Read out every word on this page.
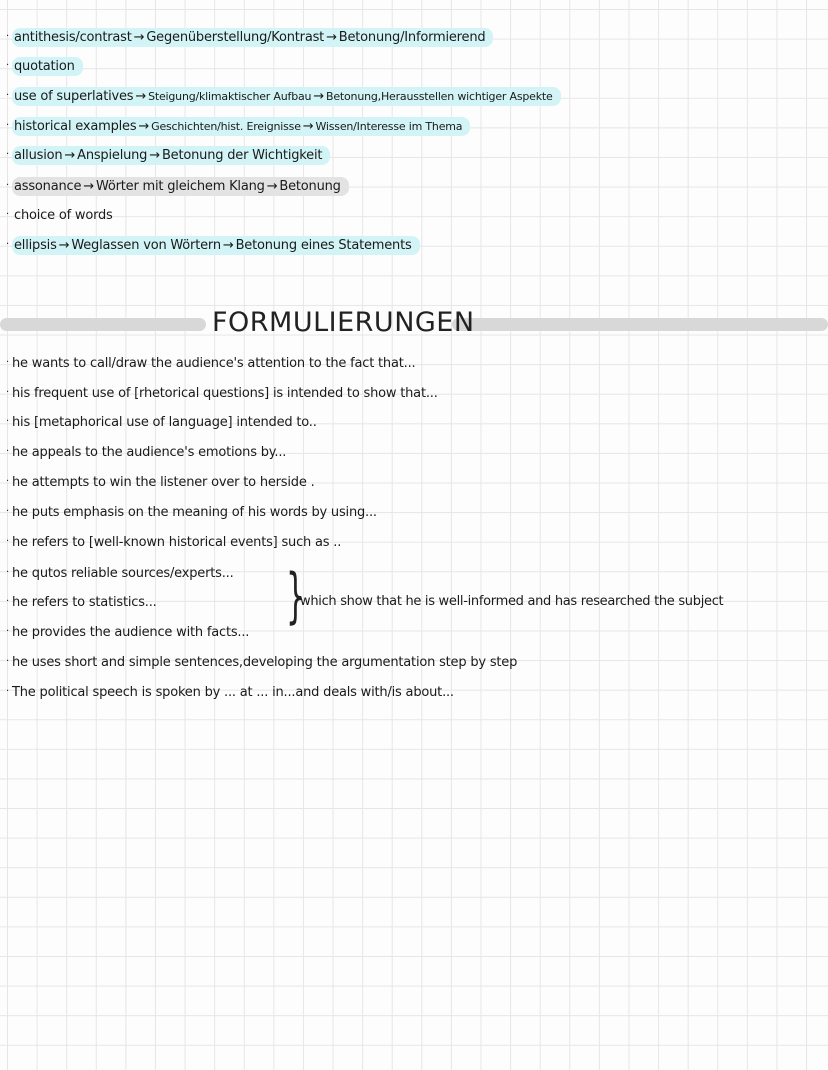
· antithesis/contrast → Gegenüberstellung/Kontrast → Betonung/Informierend
· quotation
· use of superlatives → Steigung/klimaktischer Aufbau → Betonung,Herausstellen wichtiger Aspekte
· historical examples → Geschichten/hist. Ereignisse → Wissen/Interesse im Thema
· allusion → Anspielung → Betonung der Wichtigkeit
· assonance → Wörter mit gleichem Klang → Betonung
· choice of words
· ellipsis → Weglassen von Wörtern → Betonung eines Statements
FORMULIERUNGEN
· he wants to call/draw the audience's attention to the fact that...
· his frequent use of [rhetorical questions] is intended to show that...
· his [metaphorical use of language] intended to..
· he appeals to the audience's emotions by...
· he attempts to win the listener over to herside .
· he puts emphasis on the meaning of his words by using...
· he refers to [well-known historical events] such as ..
· he qutos reliable sources/experts...
· he refers to statistics...
· he provides the audience with facts...
· he uses short and simple sentences,developing the argumentation step by step
· The political speech is spoken by ... at ... in...and deals with/is about...
}
which show that he is well-informed and has researched the subject
